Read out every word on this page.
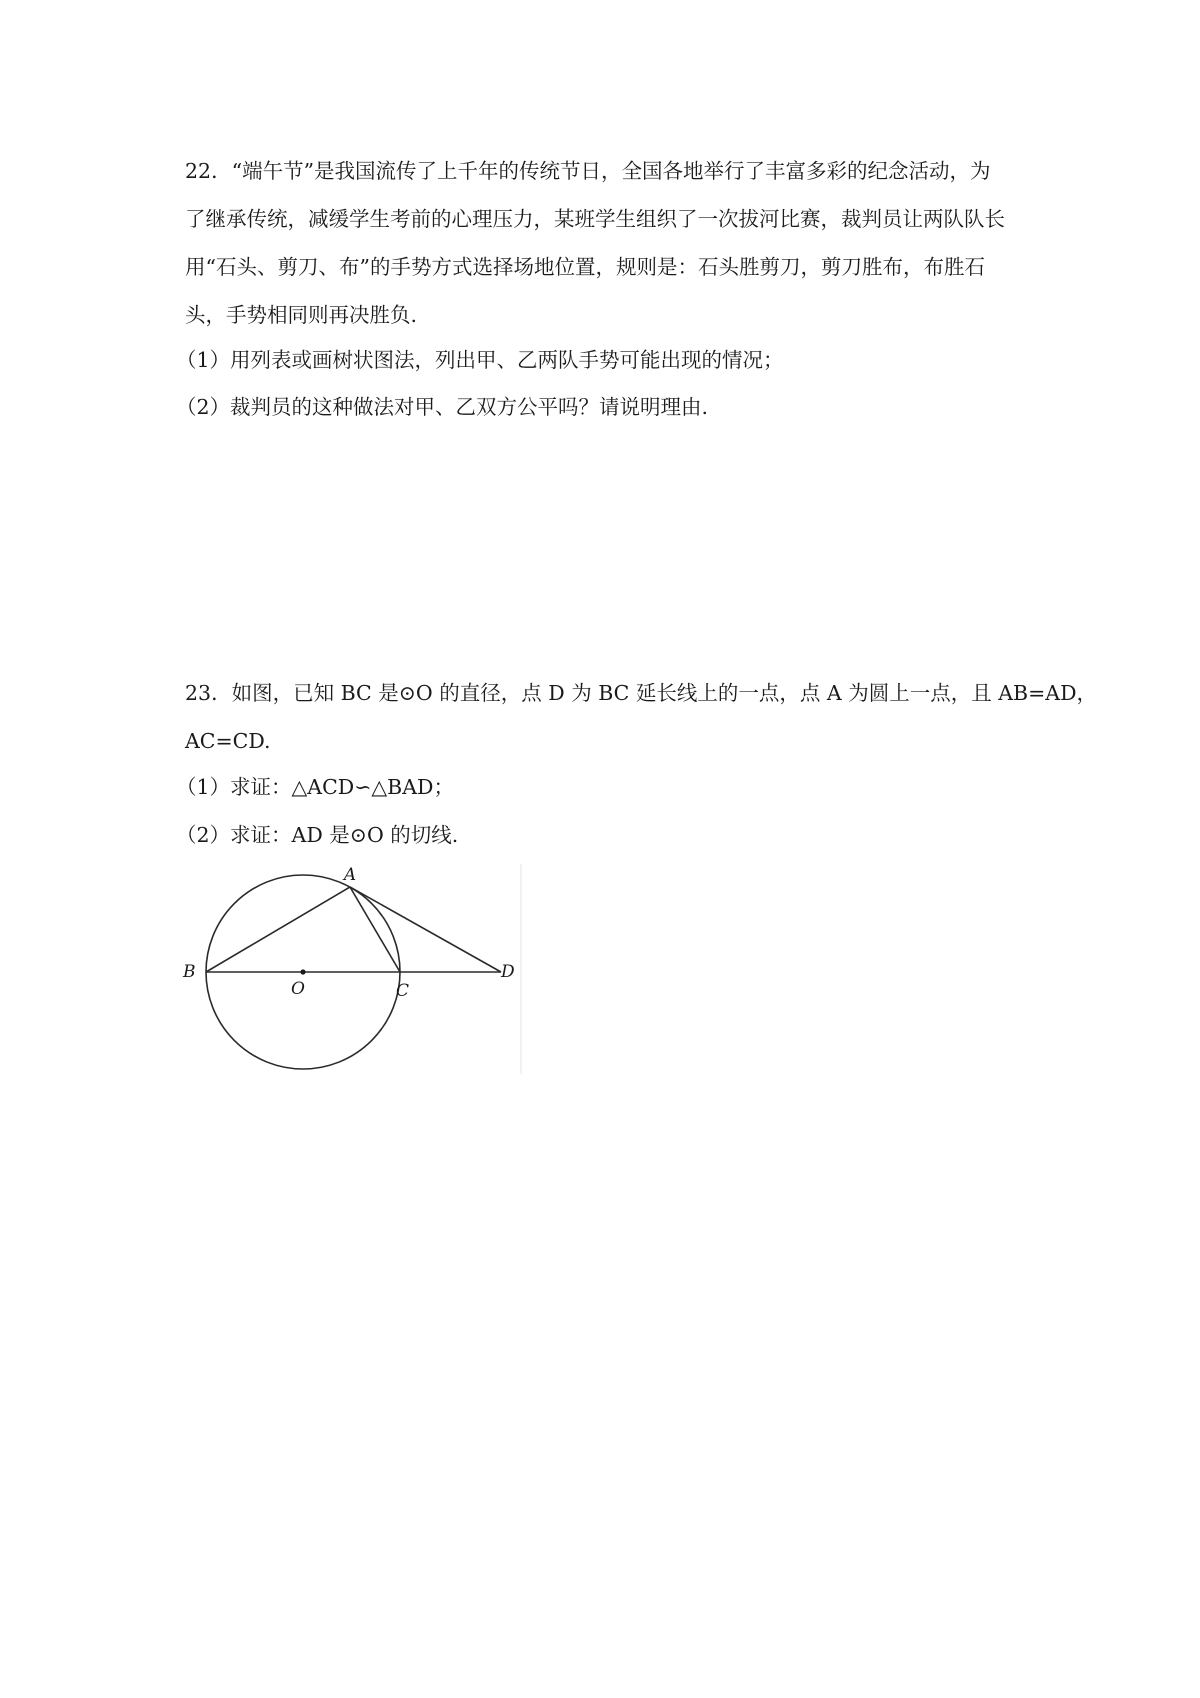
22．“端午节”是我国流传了上千年的传统节日，全国各地举行了丰富多彩的纪念活动，为
了继承传统，减缓学生考前的心理压力，某班学生组织了一次拔河比赛，裁判员让两队队长
用“石头、剪刀、布”的手势方式选择场地位置，规则是：石头胜剪刀，剪刀胜布，布胜石
头，手势相同则再决胜负.
（1）用列表或画树状图法，列出甲、乙两队手势可能出现的情况；
（2）裁判员的这种做法对甲、乙双方公平吗？请说明理由.
23．如图，已知 BC 是⊙O 的直径，点 D 为 BC 延长线上的一点，点 A 为圆上一点，且 AB=AD，
AC=CD.
（1）求证：△ACD∽△BAD；
（2）求证：AD 是⊙O 的切线.
A
B
O	C
D
